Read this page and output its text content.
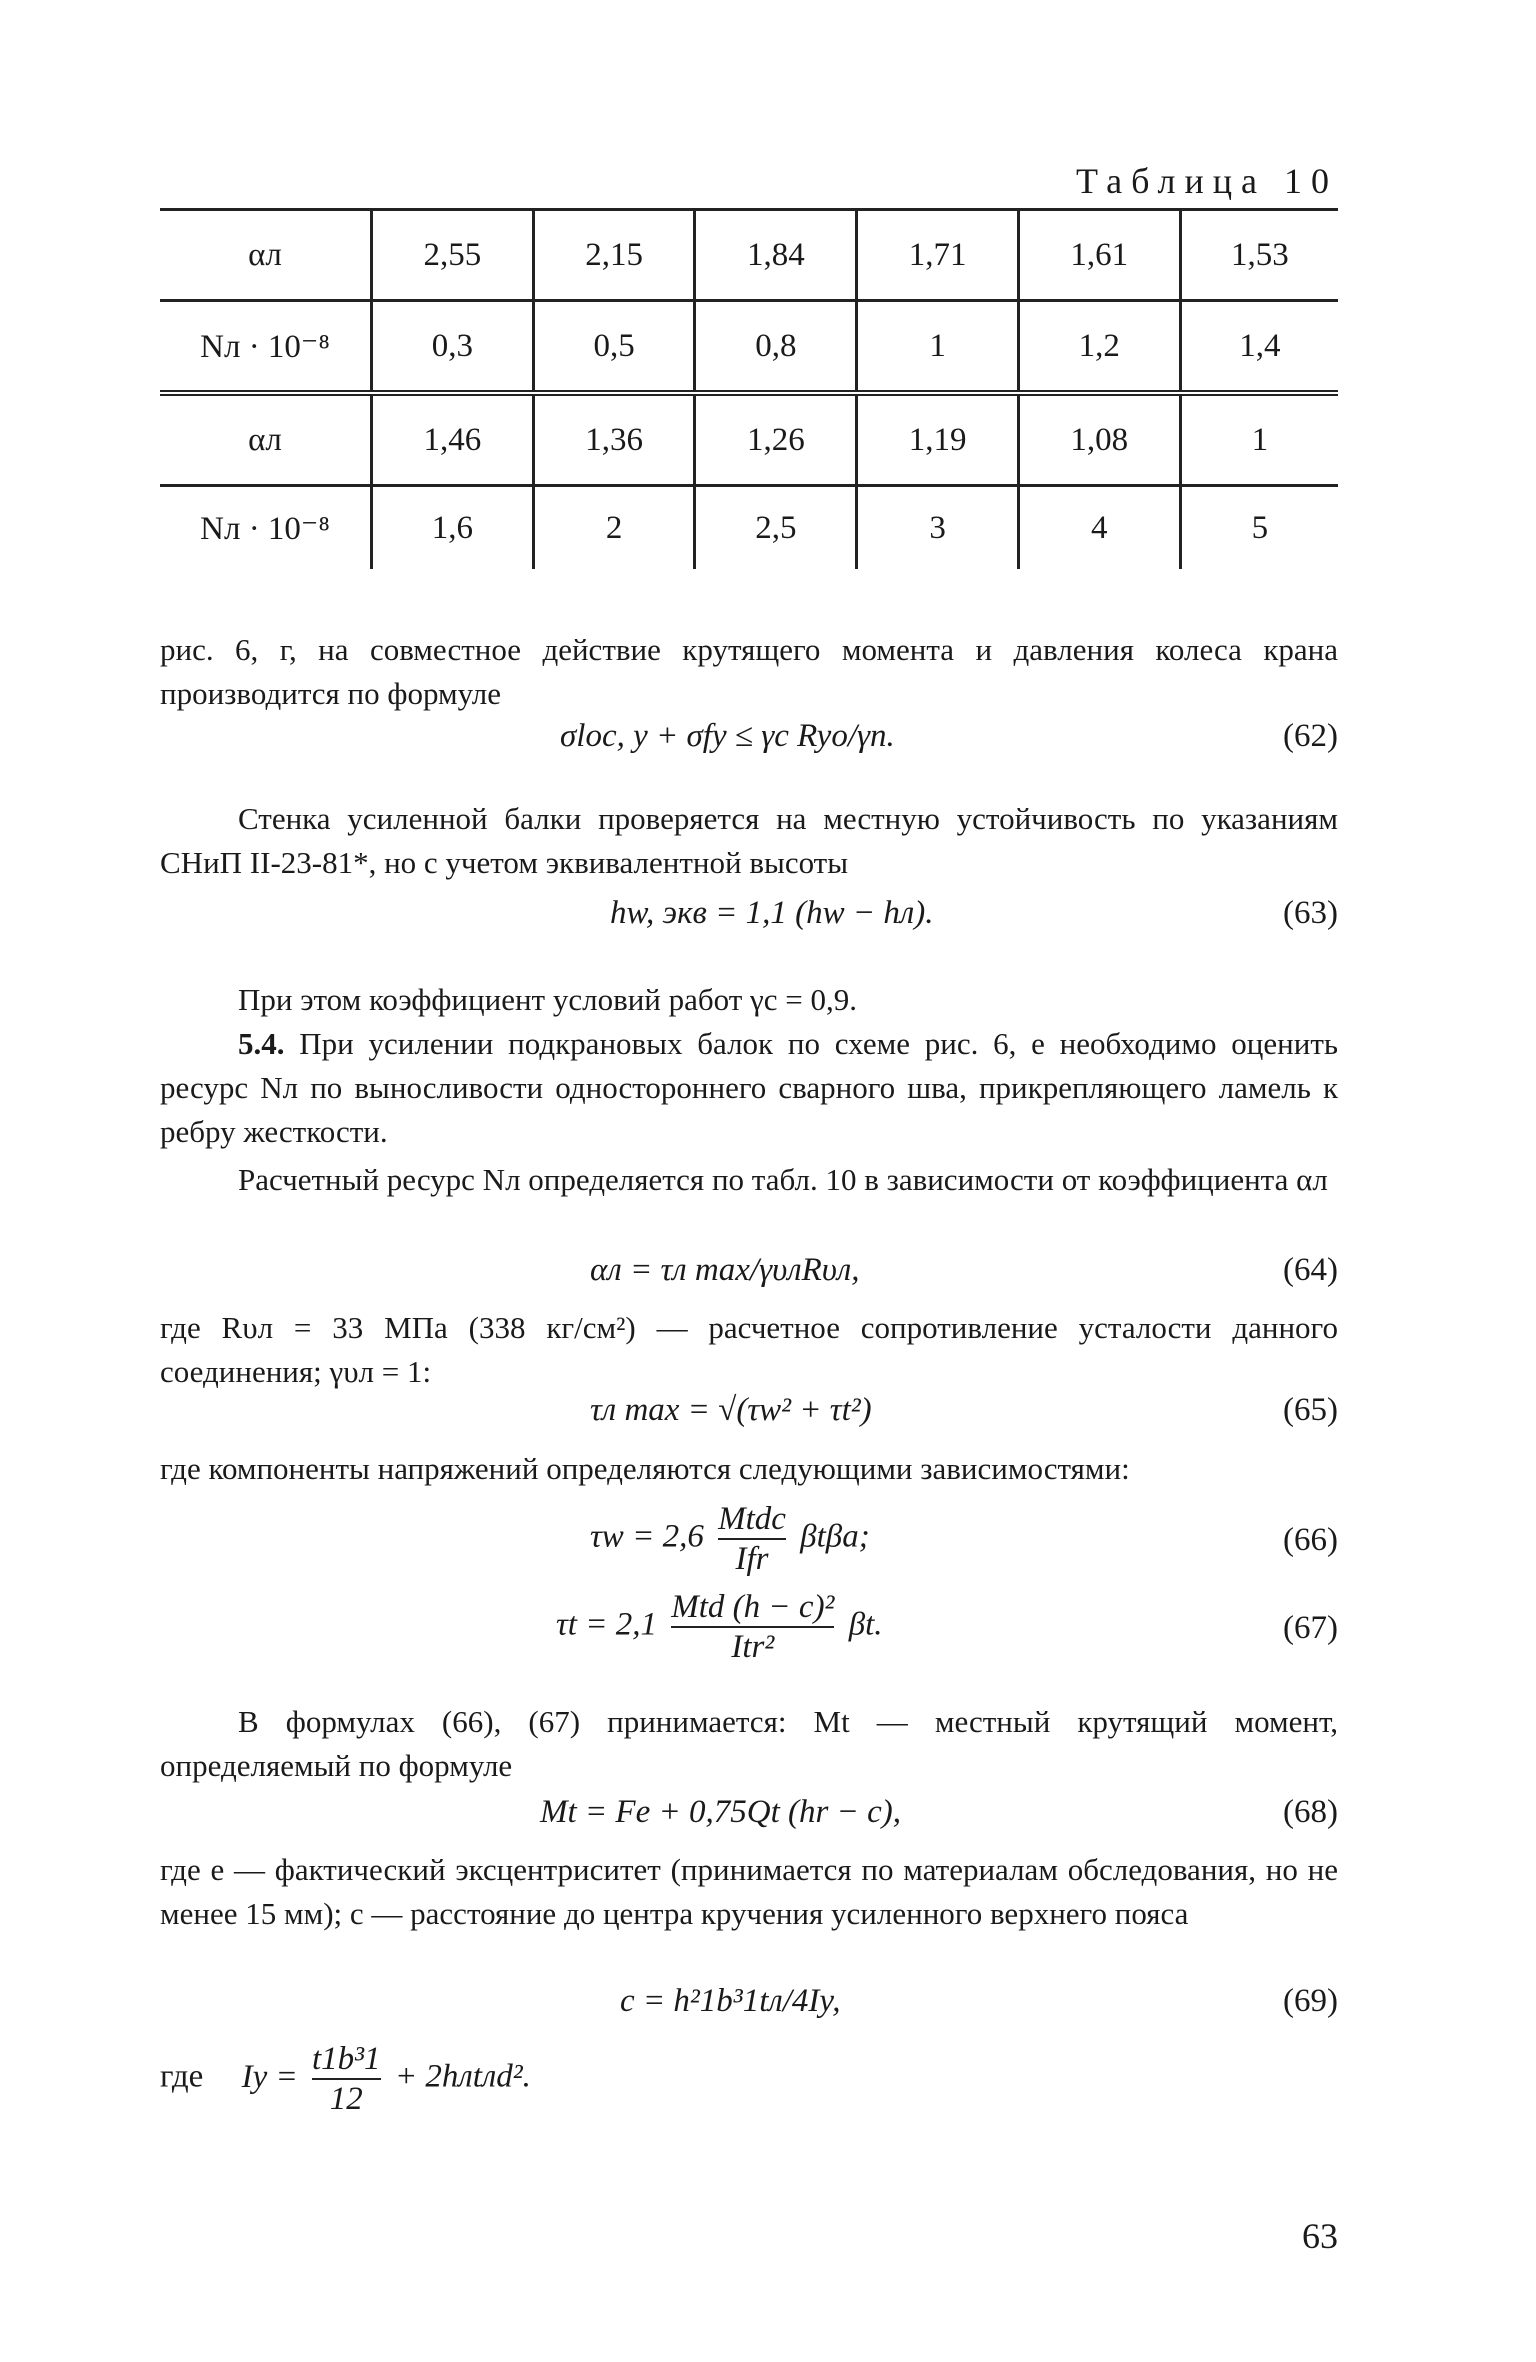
Таблица 10
αл	2,55	2,15	1,84	1,71	1,61	1,53
Nл · 10⁻⁸	0,3	0,5	0,8	1	1,2	1,4
αл	1,46	1,36	1,26	1,19	1,08	1
Nл · 10⁻⁸	1,6	2	2,5	3	4	5
рис. 6, г, на совместное действие крутящего момента и давления колеса крана производится по формуле
σloc, y + σfy ≤ γc Ryo/γn.	(62)
Стенка усиленной балки проверяется на местную устойчивость по указаниям СНиП II-23-81*, но с учетом эквивалентной высоты
hw, экв = 1,1 (hw − hл).	(63)
При этом коэффициент условий работ γc = 0,9.
5.4. При усилении подкрановых балок по схеме рис. 6, е необходимо оценить ресурс Nл по выносливости одностороннего сварного шва, прикрепляющего ламель к ребру жесткости.
Расчетный ресурс Nл определяется по табл. 10 в зависимости от коэффициента αл
αл = τл max/γυлRυл,	(64)
где Rυл = 33 МПа (338 кг/см²) — расчетное сопротивление усталости данного соединения; γυл = 1:
τл max = √(τw² + τt²)	(65)
где компоненты напряжений определяются следующими зависимостями:
$\tau w = 2,6 \frac{\text{Mtdc}}{\text{Ifr}} \beta t\beta a$;	(66)
$\tau t = 2,1 \frac{\text{Mtd (h − c)²}}{\text{Itr²}} \beta t$.	(67)
В формулах (66), (67) принимается: Mt — местный крутящий момент, определяемый по формуле
Mt = Fe + 0,75Qt (hr − c),	(68)
где e — фактический эксцентриситет (принимается по материалам обследования, но не менее 15 мм); c — расстояние до центра кручения усиленного верхнего пояса
c = h²1b³1tл/4Iy,	(69)
где $Iy = \frac{\text{t1b³1}}{12}$ + 2hлtлd².
63
